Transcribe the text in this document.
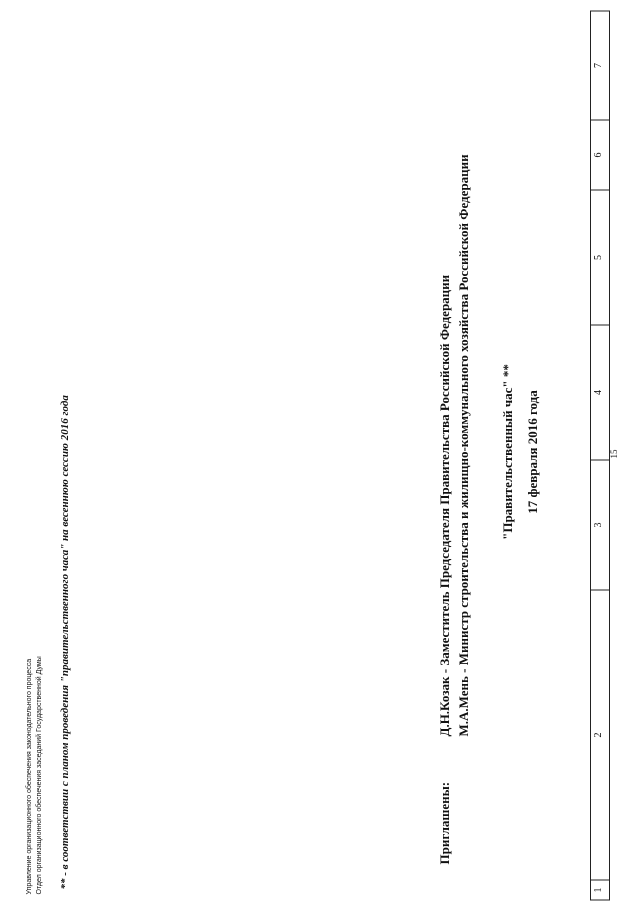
15
1
2
3
4
5
6
7
17 февраля 2016 года
"Правительственный час" **
Приглашены:
Д.Н.Козак - Заместитель Председателя Правительства Российской Федерации М.А.Мень - Министр строительства и жилищно-коммунального хозяйства Российской Федерации
** - в соответствии с планом проведения "правительственного часа" на весеннюю сессию 2016 года
Отдел организационного обеспечения заседаний Государственной Думы
Управление организационного обеспечения законодательного процесса
